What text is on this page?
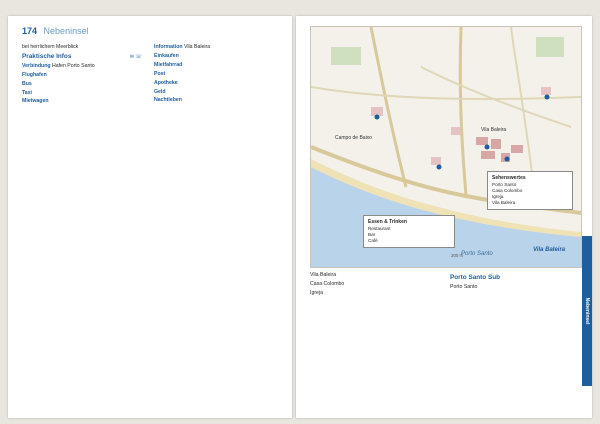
174 Nebeninsel

bei herrlichem Meerblick

Praktische Infos	✉ ☏

Verbindung Hafen Porto Santo

Flughafen

Bus

Taxi

Mietwagen

Information Vila Baleira

Einkaufen

Mietfahrrad

Post

Apotheke

Geld

Nachtleben

Vila Baleira
Campo de Baixo
Porto Santo
Sehenswertes
Porto Santo
Casa Colombo
Igreja
Vila Baleira
Essen & Trinken
Restaurant
Bar
Café
200 m
Vila Baleira

Vila Baleira

Casa Colombo

Igreja

Porto Santo Sub

Porto Santo

Nebeninsel
